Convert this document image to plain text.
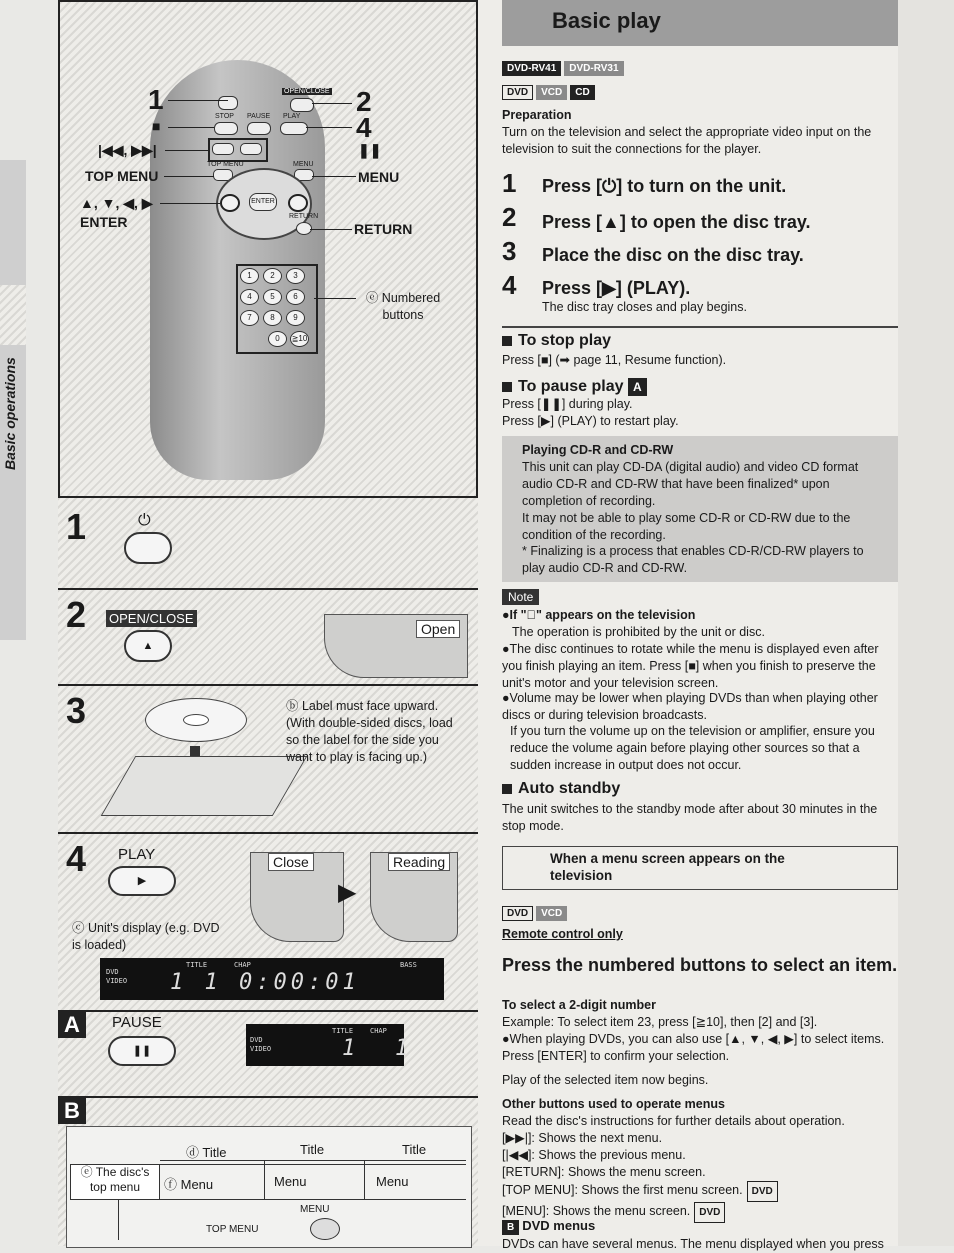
Basic operations
OPEN/CLOSE
STOP PAUSE PLAY
TOP MENU	MENU
ENTER
RETURN
1	2	3
4	5	6
7	8	9
0	≧10
1
■
|◀◀, ▶▶|
TOP MENU
▲, ▼, ◀, ▶
ENTER
2
4
❚❚
MENU
RETURN
ⓔ Numbered buttons
1	⏻
2 OPEN/CLOSE
▲
Open
3	ⓑ Label must face upward. (With double-sided discs, load so the label for the side you want to play is facing up.)
4 PLAY
▶
Close
▶
Reading
ⓒ Unit's display (e.g. DVD is loaded)
DVD
VIDEO
TITLE	CHAP	BASS
1 1 0:00:01
A	PAUSE
❚❚
DVD
VIDEO
TITLE CHAP
1   1
B
ⓓ Title	Title	Title
ⓔ The disc's top menu	ⓕ Menu	Menu	Menu
MENU
TOP MENU
Basic play
DVD-RV41 DVD-RV31
DVD VCD CD
Preparation
Turn on the television and select the appropriate video input on the television to suit the connections for the player.
1 Press [⏻] to turn on the unit.
2 Press [▲] to open the disc tray.
3 Place the disc on the disc tray.
4 Press [▶] (PLAY).
The disc tray closes and play begins.
To stop play
Press [■] (➡ page 11, Resume function).
To pause play A
Press [❚❚] during play.
Press [▶] (PLAY) to restart play.
Playing CD-R and CD-RW
This unit can play CD-DA (digital audio) and video CD format audio CD-R and CD-RW that have been finalized* upon completion of recording.
It may not be able to play some CD-R or CD-RW due to the condition of the recording.
* Finalizing is a process that enables CD-R/CD-RW players to play audio CD-R and CD-RW.
Note
●If "⃠" appears on the television
The operation is prohibited by the unit or disc.
●The disc continues to rotate while the menu is displayed even after you finish playing an item. Press [■] when you finish to preserve the unit's motor and your television screen.
●Volume may be lower when playing DVDs than when playing other discs or during television broadcasts.
If you turn the volume up on the television or amplifier, ensure you reduce the volume again before playing other sources so that a sudden increase in output does not occur.
Auto standby
The unit switches to the standby mode after about 30 minutes in the stop mode.
When a menu screen appears on the television
DVD VCD
Remote control only
Press the numbered buttons to select an item.
To select a 2-digit number
Example: To select item 23, press [≧10], then [2] and [3].
●When playing DVDs, you can also use [▲, ▼, ◀, ▶] to select items. Press [ENTER] to confirm your selection.
Play of the selected item now begins.
Other buttons used to operate menus
Read the disc's instructions for further details about operation.
[▶▶|]: Shows the next menu.
[|◀◀]: Shows the previous menu.
[RETURN]: Shows the menu screen.
[TOP MENU]: Shows the first menu screen. DVD
[MENU]: Shows the menu screen. DVD
B DVD menus
DVDs can have several menus. The menu displayed when you press
